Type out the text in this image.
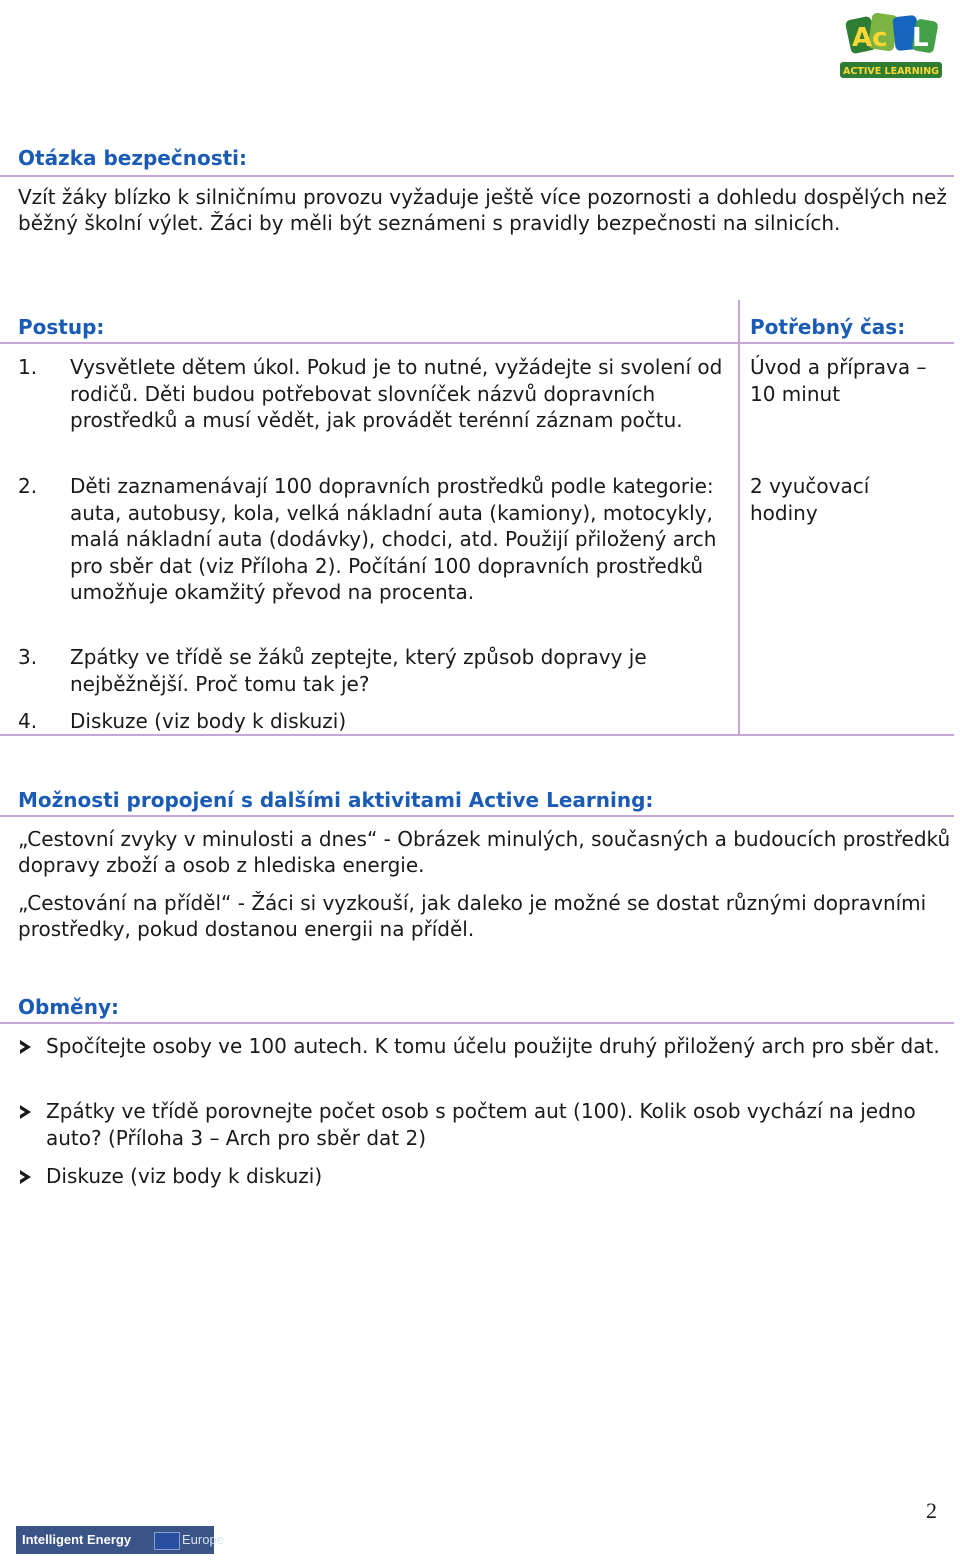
Ac L
ACTIVE LEARNING
Otázka bezpečnosti:
Vzít žáky blízko k silničnímu provozu vyžaduje ještě více pozornosti a dohledu dospělých než běžný školní výlet. Žáci by měli být seznámeni s pravidly bezpečnosti na silnicích.
Postup:	Potřebný čas:
1. Vysvětlete dětem úkol. Pokud je to nutné, vyžádejte si svolení od rodičů. Děti budou potřebovat slovníček názvů dopravních prostředků a musí vědět, jak provádět terénní záznam počtu.
Úvod a příprava – 10 minut
2. Děti zaznamenávají 100 dopravních prostředků podle kategorie: auta, autobusy, kola, velká nákladní auta (kamiony), motocykly, malá nákladní auta (dodávky), chodci, atd. Použijí přiložený arch pro sběr dat (viz Příloha 2). Počítání 100 dopravních prostředků umožňuje okamžitý převod na procenta.
2 vyučovací hodiny
3. Zpátky ve třídě se žáků zeptejte, který způsob dopravy je nejběžnější. Proč tomu tak je?
4. Diskuze (viz body k diskuzi)
Možnosti propojení s dalšími aktivitami Active Learning:
„Cestovní zvyky v minulosti a dnes“ - Obrázek minulých, současných a budoucích prostředků dopravy zboží a osob z hlediska energie.
„Cestování na příděl“ - Žáci si vyzkouší, jak daleko je možné se dostat různými dopravními prostředky, pokud dostanou energii na příděl.
Obměny:
Spočítejte osoby ve 100 autech. K tomu účelu použijte druhý přiložený arch pro sběr dat.
Zpátky ve třídě porovnejte počet osob s počtem aut (100). Kolik osob vychází na jedno auto? (Příloha 3 – Arch pro sběr dat 2)
Diskuze (viz body k diskuzi)
2
Intelligent Energy	Europe
